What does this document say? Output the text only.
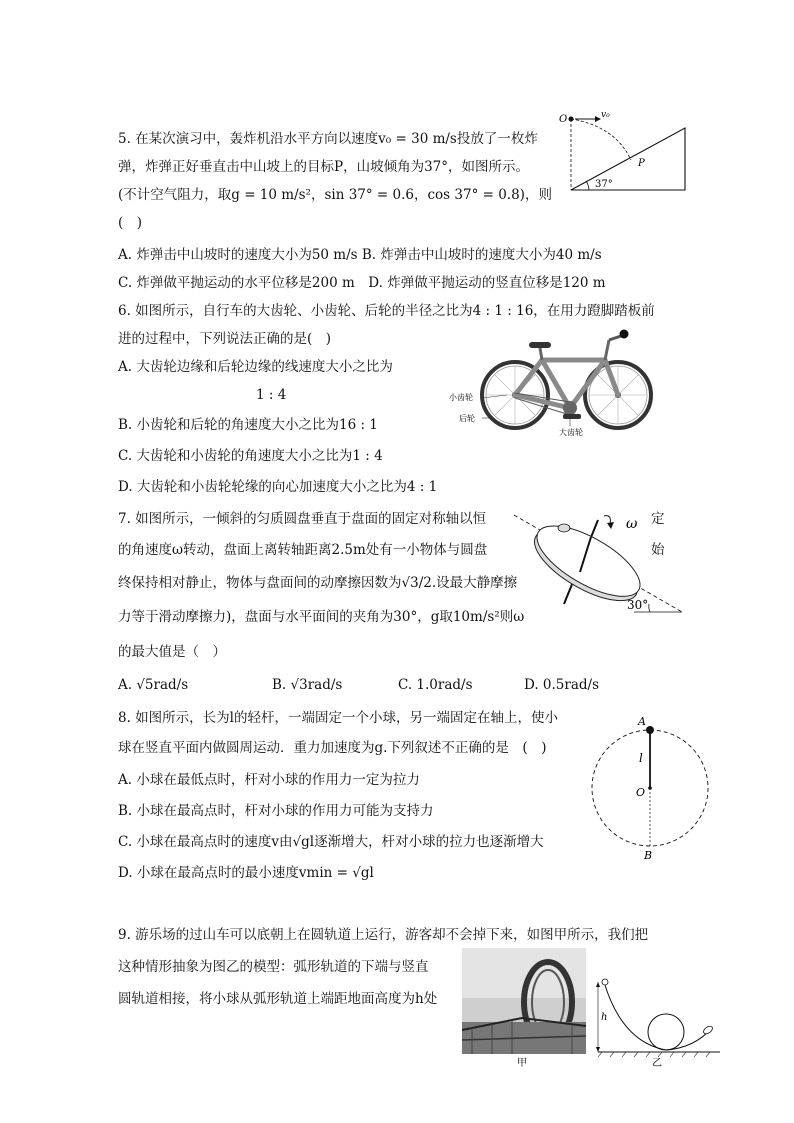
5. 在某次演习中，轰炸机沿水平方向以速度v₀ = 30 m/s投放了一枚炸
弹，炸弹正好垂直击中山坡上的目标P，山坡倾角为37°，如图所示。
(不计空气阻力，取g = 10 m/s²，sin 37° = 0.6，cos 37° = 0.8)，则
(　)
A. 炸弹击中山坡时的速度大小为50 m/s B. 炸弹击中山坡时的速度大小为40 m/s
C. 炸弹做平抛运动的水平位移是200 m　D. 炸弹做平抛运动的竖直位移是120 m
O	v₀
P
37°
6. 如图所示，自行车的大齿轮、小齿轮、后轮的半径之比为4 : 1 : 16，在用力蹬脚踏板前
进的过程中，下列说法正确的是(　)
A. 大齿轮边缘和后轮边缘的线速度大小之比为
1 : 4
B. 小齿轮和后轮的角速度大小之比为16 : 1
C. 大齿轮和小齿轮的角速度大小之比为1 : 4
D. 大齿轮和小齿轮轮缘的向心加速度大小之比为4 : 1
小齿轮
后轮
大齿轮
7. 如图所示，一倾斜的匀质圆盘垂直于盘面的固定对称轴以恒
的角速度ω转动，盘面上离转轴距离2.5m处有一小物体与圆盘
终保持相对静止，物体与盘面间的动摩擦因数为√3/2.设最大静摩擦
力等于滑动摩擦力)，盘面与水平面间的夹角为30°，g取10m/s²则ω
的最大值是（　）
定
始
A. √5rad/s	B. √3rad/s	C. 1.0rad/s	D. 0.5rad/s
ω
30°
8. 如图所示，长为l的轻杆，一端固定一个小球，另一端固定在轴上，使小
球在竖直平面内做圆周运动．重力加速度为g.下列叙述不正确的是　(　)
A. 小球在最低点时，杆对小球的作用力一定为拉力
B. 小球在最高点时，杆对小球的作用力可能为支持力
C. 小球在最高点时的速度v由√gl逐渐增大，杆对小球的拉力也逐渐增大
D. 小球在最高点时的最小速度vmin = √gl
A
l
O
B
9. 游乐场的过山车可以底朝上在圆轨道上运行，游客却不会掉下来，如图甲所示，我们把
这种情形抽象为图乙的模型：弧形轨道的下端与竖直
圆轨道相接，将小球从弧形轨道上端距地面高度为h处
甲
h
乙
